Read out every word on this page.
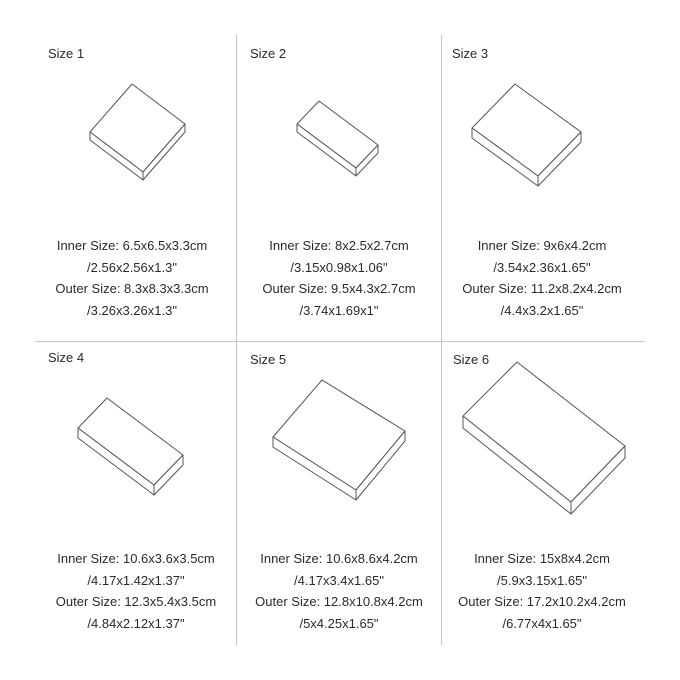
Size 1
Inner Size: 6.5x6.5x3.3cm
/2.56x2.56x1.3"
Outer Size: 8.3x8.3x3.3cm
/3.26x3.26x1.3"
Size 2
Inner Size: 8x2.5x2.7cm
/3.15x0.98x1.06"
Outer Size: 9.5x4.3x2.7cm
/3.74x1.69x1"
Size 3
Inner Size: 9x6x4.2cm
/3.54x2.36x1.65"
Outer Size: 11.2x8.2x4.2cm
/4.4x3.2x1.65"
Size 4
Inner Size: 10.6x3.6x3.5cm
/4.17x1.42x1.37"
Outer Size: 12.3x5.4x3.5cm
/4.84x2.12x1.37"
Size 5
Inner Size: 10.6x8.6x4.2cm
/4.17x3.4x1.65"
Outer Size: 12.8x10.8x4.2cm
/5x4.25x1.65"
Size 6
Inner Size: 15x8x4.2cm
/5.9x3.15x1.65"
Outer Size: 17.2x10.2x4.2cm
/6.77x4x1.65"
